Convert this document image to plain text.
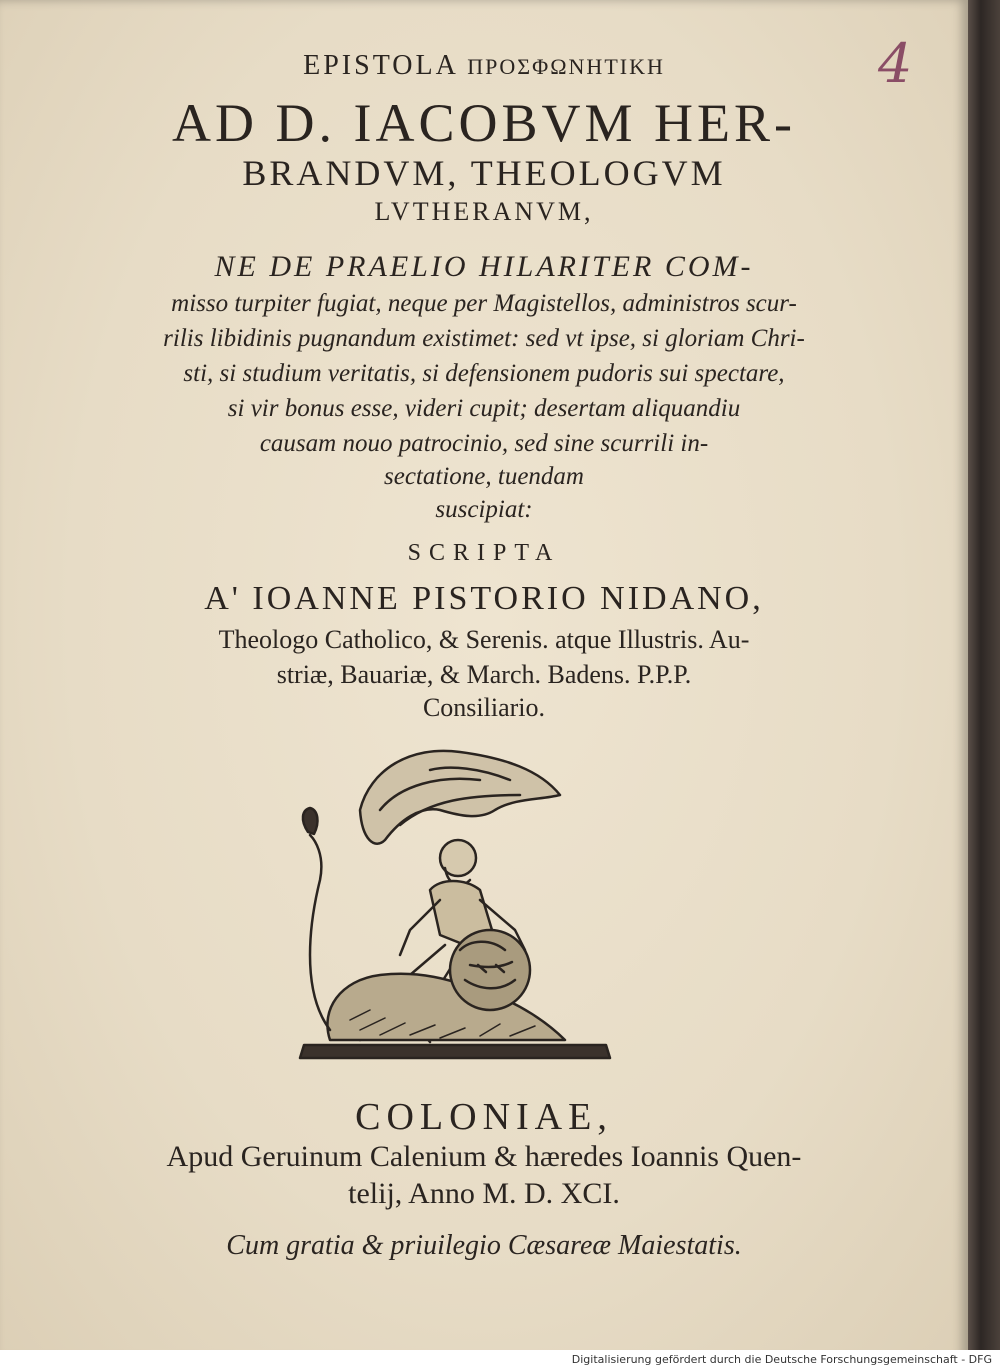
4
EPISTOLA ΠΡΟΣΦΩΝΗΤΙΚΗ
AD D. IACOBVM HER-
BRANDVM, THEOLOGVM
LVTHERANVM,
NE DE PRAELIO HILARITER COM-
misso turpiter fugiat, neque per Magistellos, administros scur-
rilis libidinis pugnandum existimet: sed vt ipse, si gloriam Chri-
sti, si studium veritatis, si defensionem pudoris sui spectare,
si vir bonus esse, videri cupit; desertam aliquandiu
causam nouo patrocinio, sed sine scurrili in-
sectatione, tuendam
suscipiat:
SCRIPTA
A' IOANNE PISTORIO NIDANO,
Theologo Catholico, & Serenis. atque Illustris. Au-
striæ, Bauariæ, & March. Badens. P.P.P.
Consiliario.
COLONIAE,
Apud Geruinum Calenium & hæredes Ioannis Quen-
telij, Anno M. D. XCI.
Cum gratia & priuilegio Cæsareæ Maiestatis.
Digitalisierung gefördert durch die Deutsche Forschungsgemeinschaft - DFG
